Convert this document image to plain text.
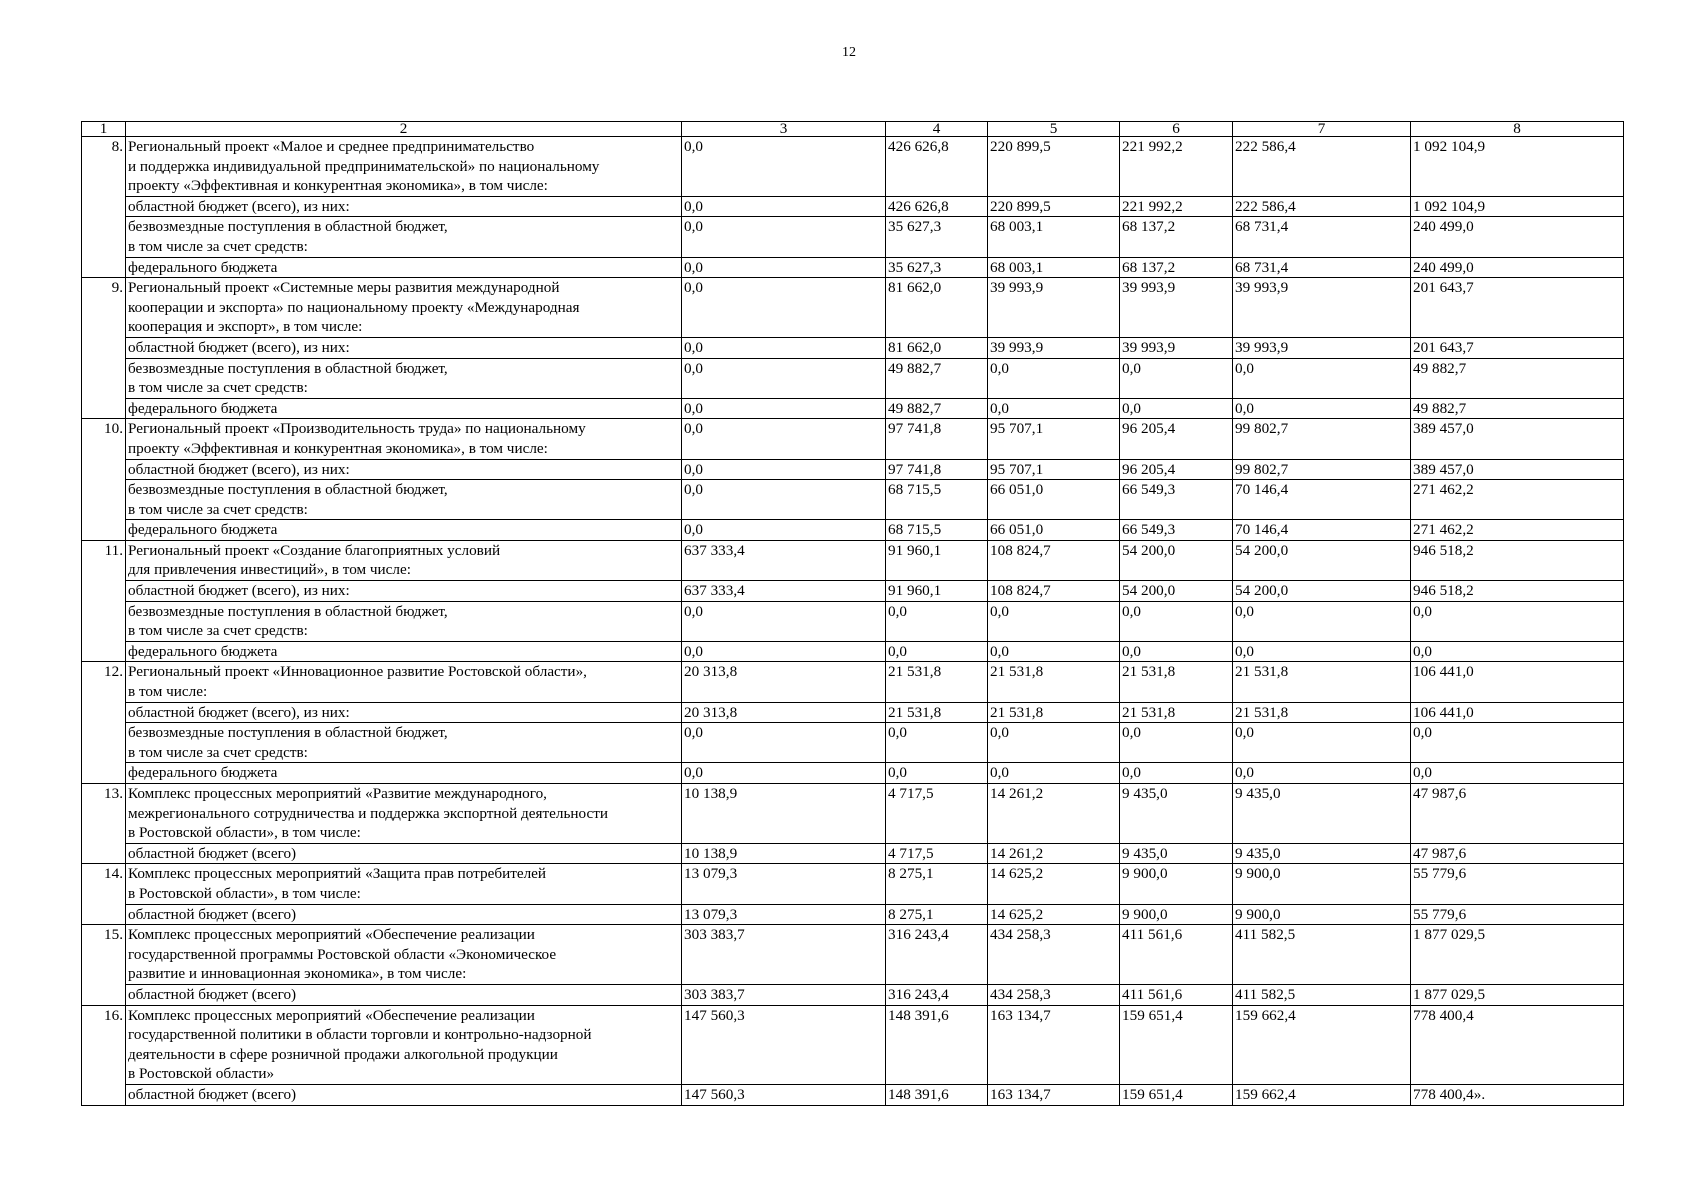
12
1	2	3	4	5	6	7	8
8.	Региональный проект «Малое и среднее предпринимательство
и поддержка индивидуальной предпринимательской» по национальному
проекту «Эффективная и конкурентная экономика», в том числе:	0,0	426 626,8	220 899,5	221 992,2	222 586,4	1 092 104,9
	областной бюджет (всего), из них:	0,0	426 626,8	220 899,5	221 992,2	222 586,4	1 092 104,9
	безвозмездные поступления в областной бюджет,
в том числе за счет средств:	0,0	35 627,3	68 003,1	68 137,2	68 731,4	240 499,0
	федерального бюджета	0,0	35 627,3	68 003,1	68 137,2	68 731,4	240 499,0
9.	Региональный проект «Системные меры развития международной
кооперации и экспорта» по национальному проекту «Международная
кооперация и экспорт», в том числе:	0,0	81 662,0	39 993,9	39 993,9	39 993,9	201 643,7
	областной бюджет (всего), из них:	0,0	81 662,0	39 993,9	39 993,9	39 993,9	201 643,7
	безвозмездные поступления в областной бюджет,
в том числе за счет средств:	0,0	49 882,7	0,0	0,0	0,0	49 882,7
	федерального бюджета	0,0	49 882,7	0,0	0,0	0,0	49 882,7
10.	Региональный проект «Производительность труда» по национальному
проекту «Эффективная и конкурентная экономика», в том числе:	0,0	97 741,8	95 707,1	96 205,4	99 802,7	389 457,0
	областной бюджет (всего), из них:	0,0	97 741,8	95 707,1	96 205,4	99 802,7	389 457,0
	безвозмездные поступления в областной бюджет,
в том числе за счет средств:	0,0	68 715,5	66 051,0	66 549,3	70 146,4	271 462,2
	федерального бюджета	0,0	68 715,5	66 051,0	66 549,3	70 146,4	271 462,2
11.	Региональный проект «Создание благоприятных условий
для привлечения инвестиций», в том числе:	637 333,4	91 960,1	108 824,7	54 200,0	54 200,0	946 518,2
	областной бюджет (всего), из них:	637 333,4	91 960,1	108 824,7	54 200,0	54 200,0	946 518,2
	безвозмездные поступления в областной бюджет,
в том числе за счет средств:	0,0	0,0	0,0	0,0	0,0	0,0
	федерального бюджета	0,0	0,0	0,0	0,0	0,0	0,0
12.	Региональный проект «Инновационное развитие Ростовской области»,
в том числе:	20 313,8	21 531,8	21 531,8	21 531,8	21 531,8	106 441,0
	областной бюджет (всего), из них:	20 313,8	21 531,8	21 531,8	21 531,8	21 531,8	106 441,0
	безвозмездные поступления в областной бюджет,
в том числе за счет средств:	0,0	0,0	0,0	0,0	0,0	0,0
	федерального бюджета	0,0	0,0	0,0	0,0	0,0	0,0
13.	Комплекс процессных мероприятий «Развитие международного,
межрегионального сотрудничества и поддержка экспортной деятельности
в Ростовской области», в том числе:	10 138,9	4 717,5	14 261,2	9 435,0	9 435,0	47 987,6
	областной бюджет (всего)	10 138,9	4 717,5	14 261,2	9 435,0	9 435,0	47 987,6
14.	Комплекс процессных мероприятий «Защита прав потребителей
в Ростовской области», в том числе:	13 079,3	8 275,1	14 625,2	9 900,0	9 900,0	55 779,6
	областной бюджет (всего)	13 079,3	8 275,1	14 625,2	9 900,0	9 900,0	55 779,6
15.	Комплекс процессных мероприятий «Обеспечение реализации
государственной программы Ростовской области «Экономическое
развитие и инновационная экономика», в том числе:	303 383,7	316 243,4	434 258,3	411 561,6	411 582,5	1 877 029,5
	областной бюджет (всего)	303 383,7	316 243,4	434 258,3	411 561,6	411 582,5	1 877 029,5
16.	Комплекс процессных мероприятий «Обеспечение реализации
государственной политики в области торговли и контрольно-надзорной
деятельности в сфере розничной продажи алкогольной продукции
в Ростовской области»	147 560,3	148 391,6	163 134,7	159 651,4	159 662,4	778 400,4
	областной бюджет (всего)	147 560,3	148 391,6	163 134,7	159 651,4	159 662,4	778 400,4».
